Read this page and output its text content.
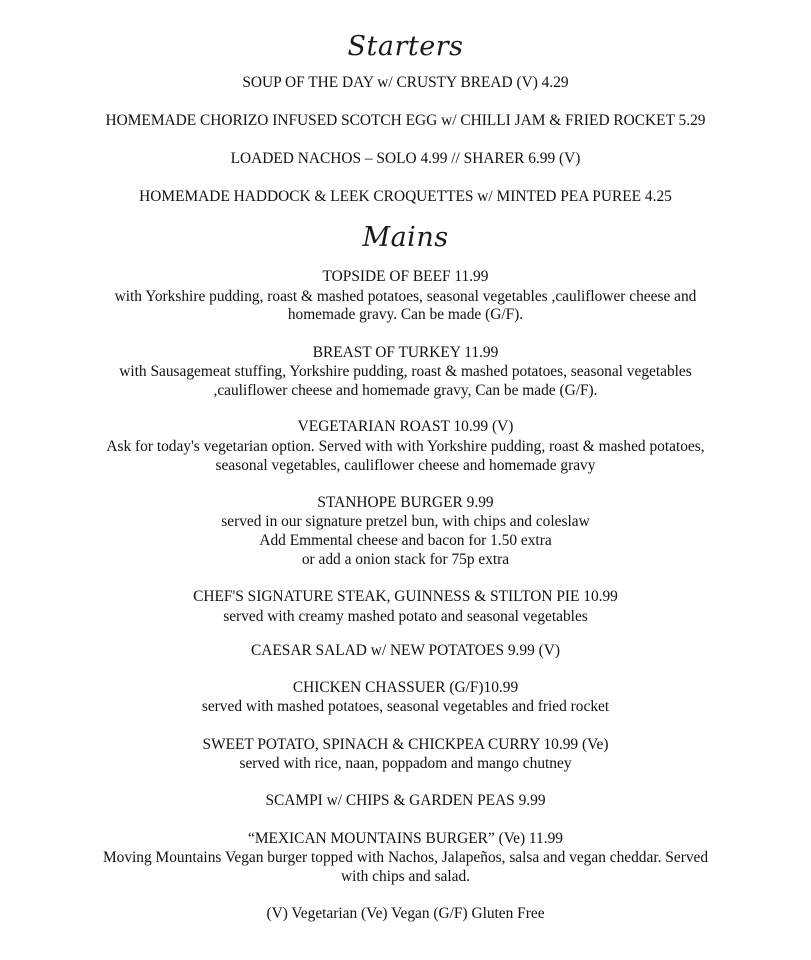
Starters
SOUP OF THE DAY w/ CRUSTY BREAD (V) 4.29
HOMEMADE CHORIZO INFUSED SCOTCH EGG w/ CHILLI JAM & FRIED ROCKET 5.29
LOADED NACHOS – SOLO 4.99 // SHARER 6.99 (V)
HOMEMADE HADDOCK & LEEK CROQUETTES w/ MINTED PEA PUREE 4.25
Mains
TOPSIDE OF BEEF 11.99
with Yorkshire pudding, roast & mashed potatoes, seasonal vegetables ,cauliflower cheese and
homemade gravy. Can be made (G/F).
BREAST OF TURKEY 11.99
with Sausagemeat stuffing, Yorkshire pudding, roast & mashed potatoes, seasonal vegetables
,cauliflower cheese and homemade gravy, Can be made (G/F).
VEGETARIAN ROAST 10.99 (V)
Ask for today's vegetarian option. Served with with Yorkshire pudding, roast & mashed potatoes,
seasonal vegetables, cauliflower cheese and homemade gravy
STANHOPE BURGER 9.99
served in our signature pretzel bun, with chips and coleslaw
Add Emmental cheese and bacon for 1.50 extra
or add a onion stack for 75p extra
CHEF'S SIGNATURE STEAK, GUINNESS & STILTON PIE 10.99
served with creamy mashed potato and seasonal vegetables
CAESAR SALAD w/ NEW POTATOES 9.99 (V)
CHICKEN CHASSUER (G/F)10.99
served with mashed potatoes, seasonal vegetables and fried rocket
SWEET POTATO, SPINACH & CHICKPEA CURRY 10.99 (Ve)
served with rice, naan, poppadom and mango chutney
SCAMPI w/ CHIPS & GARDEN PEAS 9.99
“MEXICAN MOUNTAINS BURGER” (Ve) 11.99
Moving Mountains Vegan burger topped with Nachos, Jalapeños, salsa and vegan cheddar. Served
with chips and salad.
(V) Vegetarian (Ve) Vegan (G/F) Gluten Free
